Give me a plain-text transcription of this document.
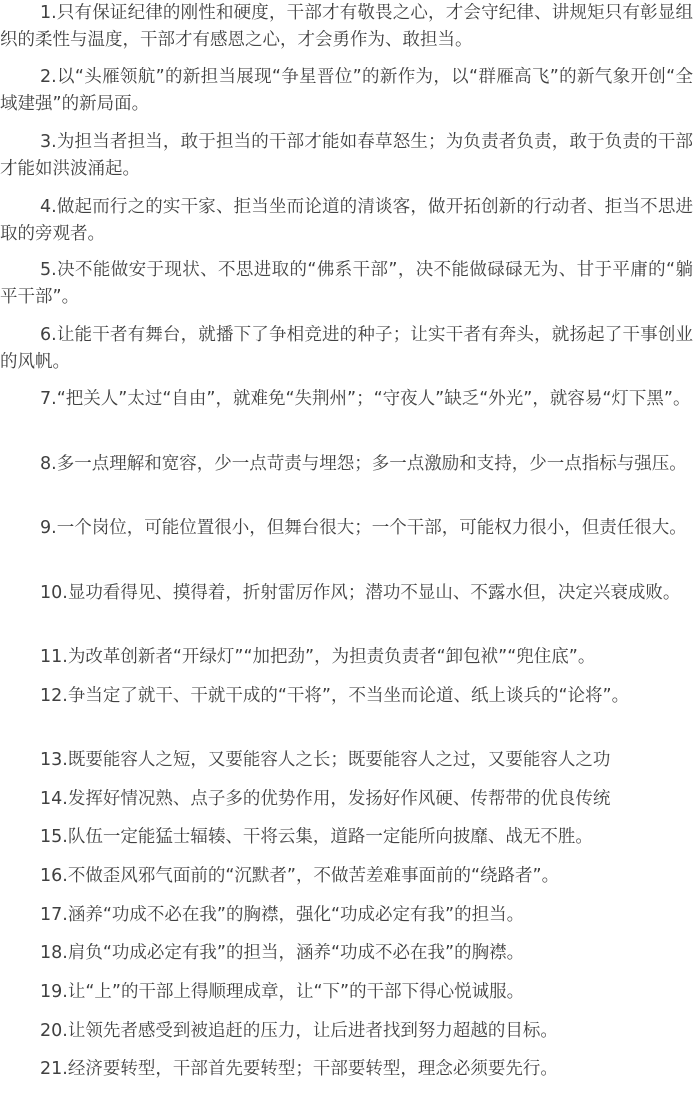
1.只有保证纪律的刚性和硬度，干部才有敬畏之心，才会守纪律、讲规矩只有彰显组织的柔性与温度，干部才有感恩之心，才会勇作为、敢担当。

2.以“头雁领航”的新担当展现“争星晋位”的新作为，以“群雁高飞”的新气象开创“全域建强”的新局面。

3.为担当者担当，敢于担当的干部才能如春草怒生；为负责者负责，敢于负责的干部才能如洪波涌起。

4.做起而行之的实干家、拒当坐而论道的清谈客，做开拓创新的行动者、拒当不思进取的旁观者。

5.决不能做安于现状、不思进取的“佛系干部”，决不能做碌碌无为、甘于平庸的“躺平干部”。

6.让能干者有舞台，就播下了争相竞进的种子；让实干者有奔头，就扬起了干事创业的风帆。

7.“把关人”太过“自由”，就难免“失荆州”；“守夜人”缺乏“外光”，就容易“灯下黑”。

8.多一点理解和宽容，少一点苛责与埋怨；多一点激励和支持，少一点指标与强压。

9.一个岗位，可能位置很小，但舞台很大；一个干部，可能权力很小，但责任很大。

10.显功看得见、摸得着，折射雷厉作风；潜功不显山、不露水但，决定兴衰成败。

11.为改革创新者“开绿灯”“加把劲”，为担责负责者“卸包袱”“兜住底”。

12.争当定了就干、干就干成的“干将”，不当坐而论道、纸上谈兵的“论将”。

13.既要能容人之短，又要能容人之长；既要能容人之过，又要能容人之功

14.发挥好情况熟、点子多的优势作用，发扬好作风硬、传帮带的优良传统

15.队伍一定能猛士辐辏、干将云集，道路一定能所向披靡、战无不胜。

16.不做歪风邪气面前的“沉默者”，不做苦差难事面前的“绕路者”。

17.涵养“功成不必在我”的胸襟，强化“功成必定有我”的担当。

18.肩负“功成必定有我”的担当，涵养“功成不必在我”的胸襟。

19.让“上”的干部上得顺理成章，让“下”的干部下得心悦诚服。

20.让领先者感受到被追赶的压力，让后进者找到努力超越的目标。

21.经济要转型，干部首先要转型；干部要转型，理念必须要先行。
